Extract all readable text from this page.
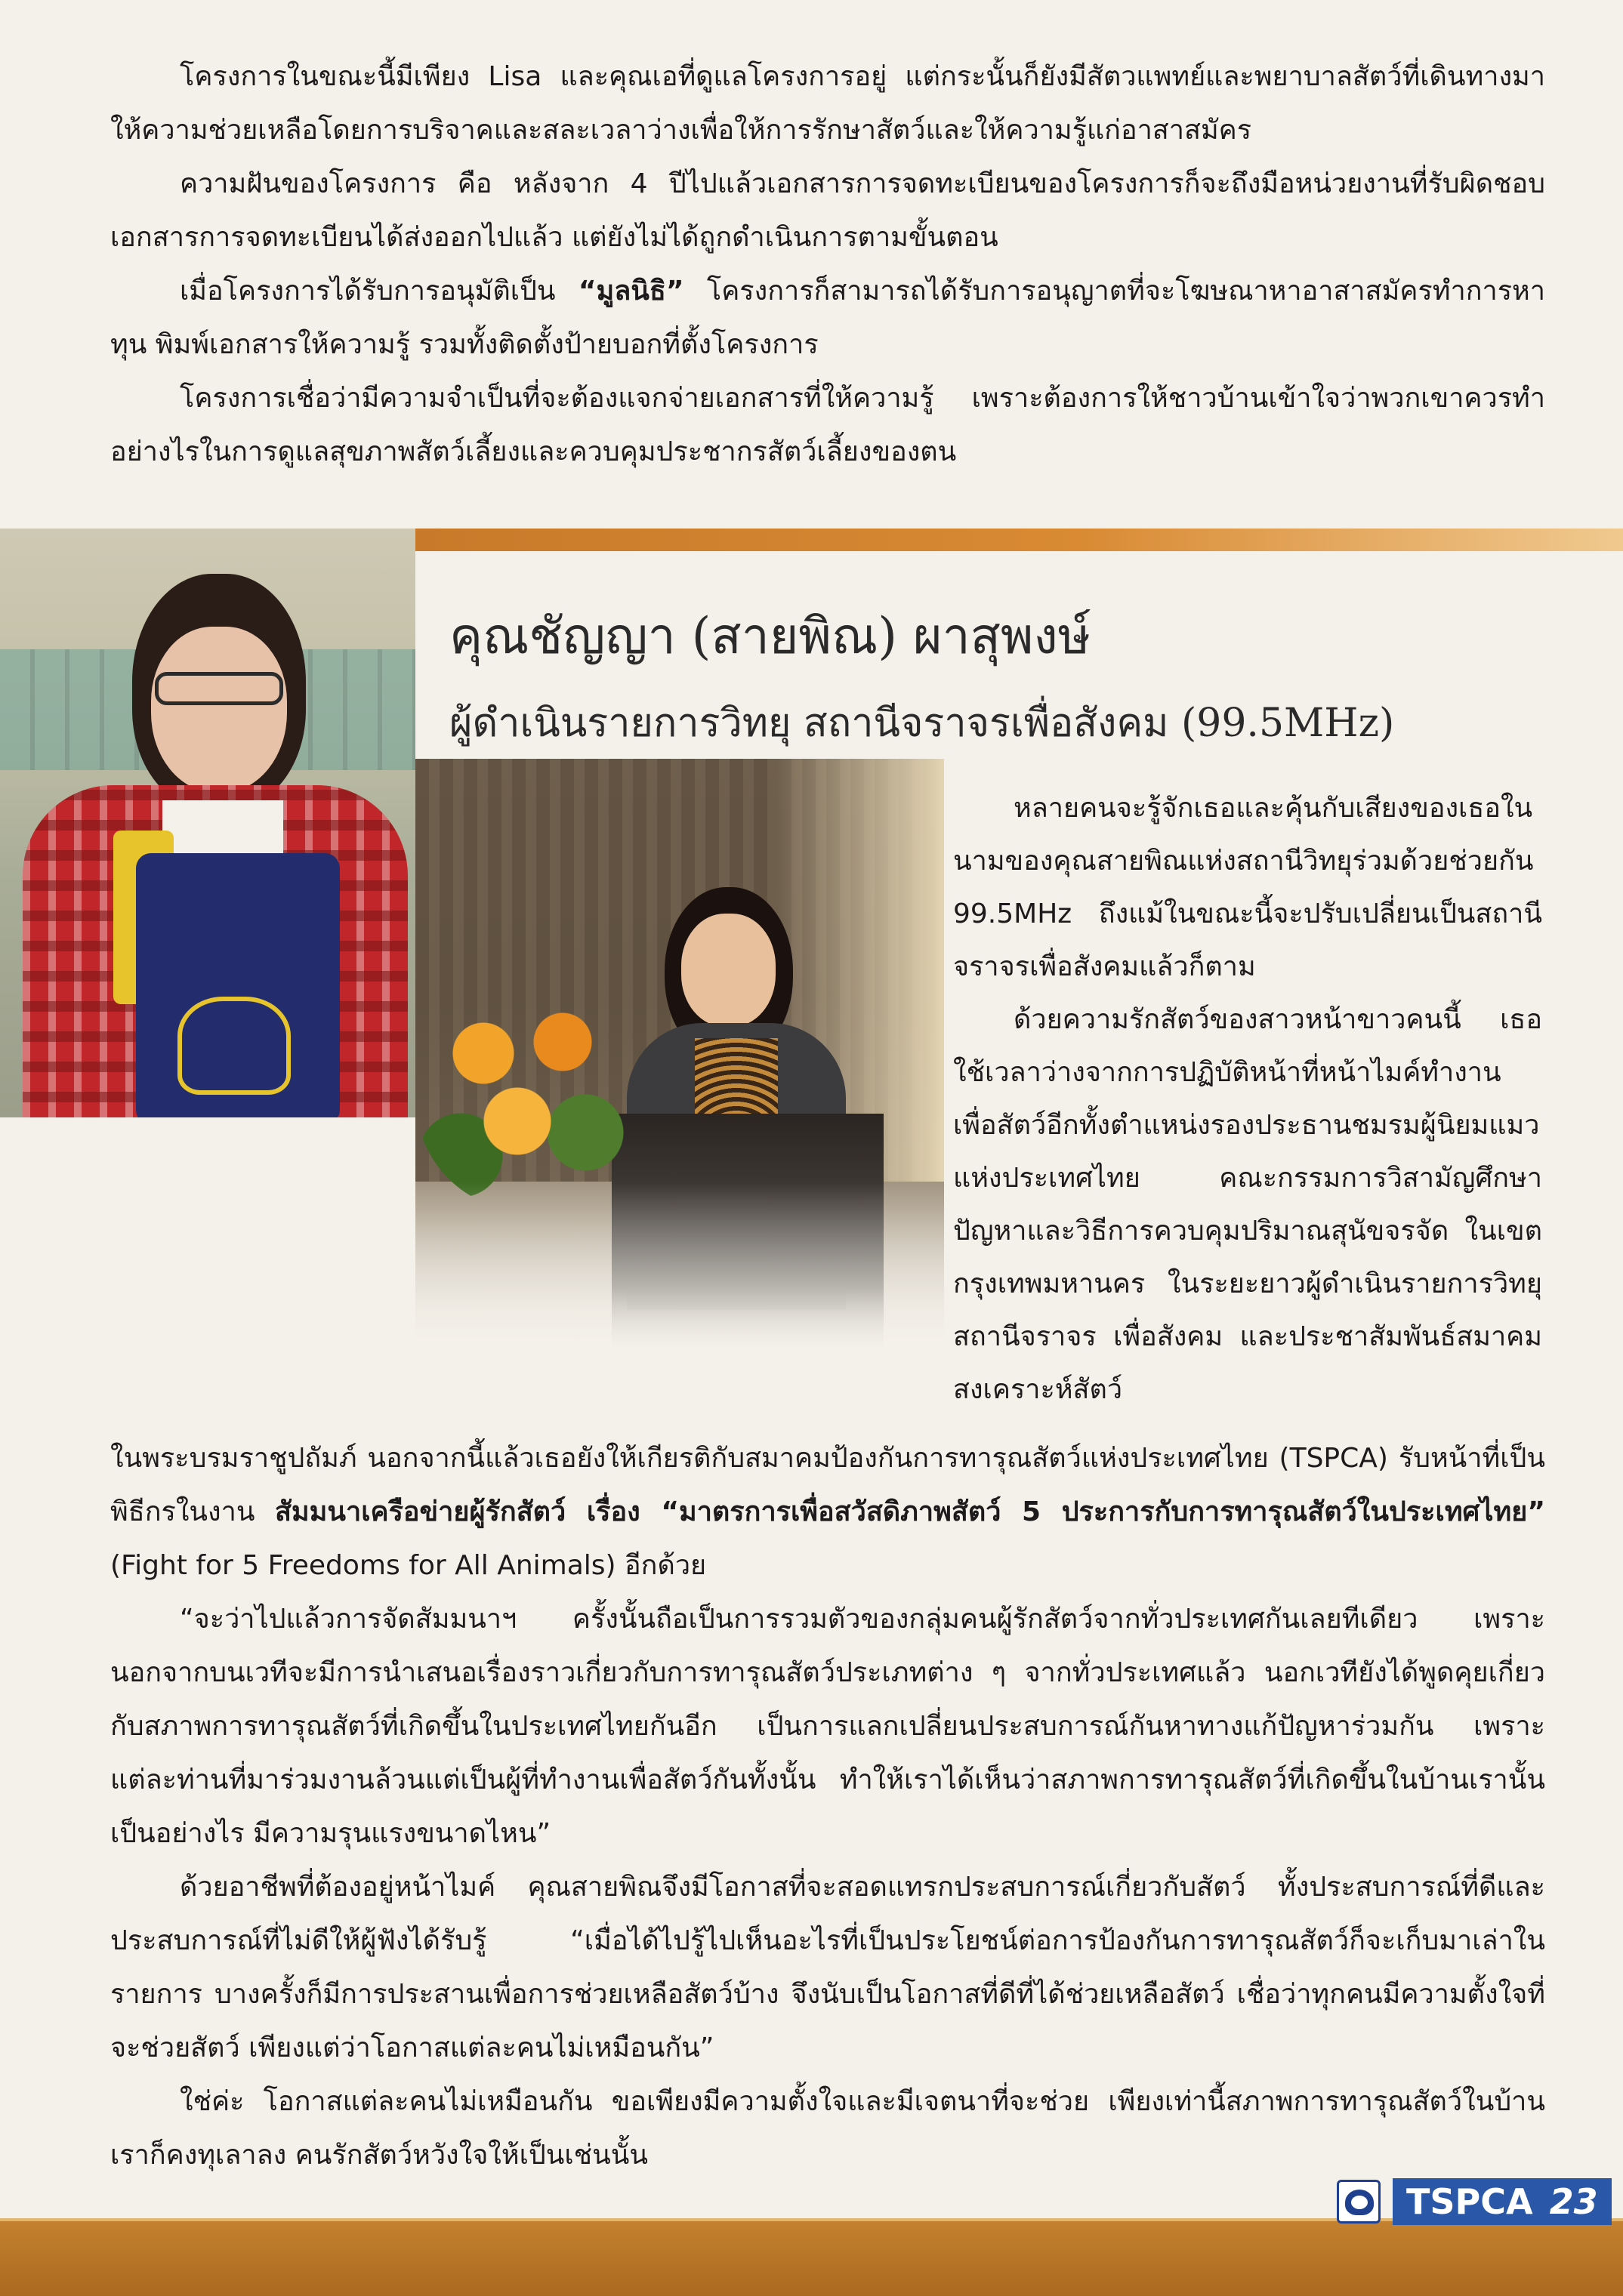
โครงการในขณะนี้มีเพียง Lisa และคุณเอที่ดูแลโครงการอยู่ แต่กระนั้นก็ยังมีสัตวแพทย์และพยาบาลสัตว์ที่เดินทางมาให้ความช่วยเหลือโดยการบริจาคและสละเวลาว่างเพื่อให้การรักษาสัตว์และให้ความรู้แก่อาสาสมัคร

ความฝันของโครงการ คือ หลังจาก 4 ปีไปแล้วเอกสารการจดทะเบียนของโครงการก็จะถึงมือหน่วยงานที่รับผิดชอบ เอกสารการจดทะเบียนได้ส่งออกไปแล้ว แต่ยังไม่ได้ถูกดำเนินการตามขั้นตอน

เมื่อโครงการได้รับการอนุมัติเป็น “มูลนิธิ” โครงการก็สามารถได้รับการอนุญาตที่จะโฆษณาหาอาสาสมัครทำการหาทุน พิมพ์เอกสารให้ความรู้ รวมทั้งติดตั้งป้ายบอกที่ตั้งโครงการ

โครงการเชื่อว่ามีความจำเป็นที่จะต้องแจกจ่ายเอกสารที่ให้ความรู้ เพราะต้องการให้ชาวบ้านเข้าใจว่าพวกเขาควรทำอย่างไรในการดูแลสุขภาพสัตว์เลี้ยงและควบคุมประชากรสัตว์เลี้ยงของตน

คุณชัญญา (สายพิณ) ผาสุพงษ์
ผู้ดำเนินรายการวิทยุ สถานีจราจรเพื่อสังคม (99.5MHz)

หลายคนจะรู้จักเธอและคุ้นกับเสียงของเธอในนามของคุณสายพิณแห่งสถานีวิทยุร่วมด้วยช่วยกัน 99.5MHz ถึงแม้ในขณะนี้จะปรับเปลี่ยนเป็นสถานีจราจรเพื่อสังคมแล้วก็ตาม

ด้วยความรักสัตว์ของสาวหน้าขาวคนนี้ เธอใช้เวลาว่างจากการปฏิบัติหน้าที่หน้าไมค์ทำงานเพื่อสัตว์อีกทั้งตำแหน่งรองประธานชมรมผู้นิยมแมวแห่งประเทศไทย คณะกรรมการวิสามัญศึกษาปัญหาและวิธีการควบคุมปริมาณสุนัขจรจัด ในเขตกรุงเทพมหานคร ในระยะยาวผู้ดำเนินรายการวิทยุสถานีจราจร เพื่อสังคม และประชาสัมพันธ์สมาคมสงเคราะห์สัตว์

ในพระบรมราชูปถัมภ์ นอกจากนี้แล้วเธอยังให้เกียรติกับสมาคมป้องกันการทารุณสัตว์แห่งประเทศไทย (TSPCA) รับหน้าที่เป็นพิธีกรในงาน สัมมนาเครือข่ายผู้รักสัตว์ เรื่อง “มาตรการเพื่อสวัสดิภาพสัตว์ 5 ประการกับการทารุณสัตว์ในประเทศไทย” (Fight for 5 Freedoms for All Animals) อีกด้วย

“จะว่าไปแล้วการจัดสัมมนาฯ ครั้งนั้นถือเป็นการรวมตัวของกลุ่มคนผู้รักสัตว์จากทั่วประเทศกันเลยทีเดียว เพราะนอกจากบนเวทีจะมีการนำเสนอเรื่องราวเกี่ยวกับการทารุณสัตว์ประเภทต่าง ๆ จากทั่วประเทศแล้ว นอกเวทียังได้พูดคุยเกี่ยวกับสภาพการทารุณสัตว์ที่เกิดขึ้นในประเทศไทยกันอีก เป็นการแลกเปลี่ยนประสบการณ์กันหาทางแก้ปัญหาร่วมกัน เพราะแต่ละท่านที่มาร่วมงานล้วนแต่เป็นผู้ที่ทำงานเพื่อสัตว์กันทั้งนั้น ทำให้เราได้เห็นว่าสภาพการทารุณสัตว์ที่เกิดขึ้นในบ้านเรานั้นเป็นอย่างไร มีความรุนแรงขนาดไหน”

ด้วยอาชีพที่ต้องอยู่หน้าไมค์ คุณสายพิณจึงมีโอกาสที่จะสอดแทรกประสบการณ์เกี่ยวกับสัตว์ ทั้งประสบการณ์ที่ดีและประสบการณ์ที่ไม่ดีให้ผู้ฟังได้รับรู้ “เมื่อได้ไปรู้ไปเห็นอะไรที่เป็นประโยชน์ต่อการป้องกันการทารุณสัตว์ก็จะเก็บมาเล่าในรายการ บางครั้งก็มีการประสานเพื่อการช่วยเหลือสัตว์บ้าง จึงนับเป็นโอกาสที่ดีที่ได้ช่วยเหลือสัตว์ เชื่อว่าทุกคนมีความตั้งใจที่จะช่วยสัตว์ เพียงแต่ว่าโอกาสแต่ละคนไม่เหมือนกัน”

ใช่ค่ะ โอกาสแต่ละคนไม่เหมือนกัน ขอเพียงมีความตั้งใจและมีเจตนาที่จะช่วย เพียงเท่านี้สภาพการทารุณสัตว์ในบ้านเราก็คงทุเลาลง คนรักสัตว์หวังใจให้เป็นเช่นนั้น

TSPCA 23
